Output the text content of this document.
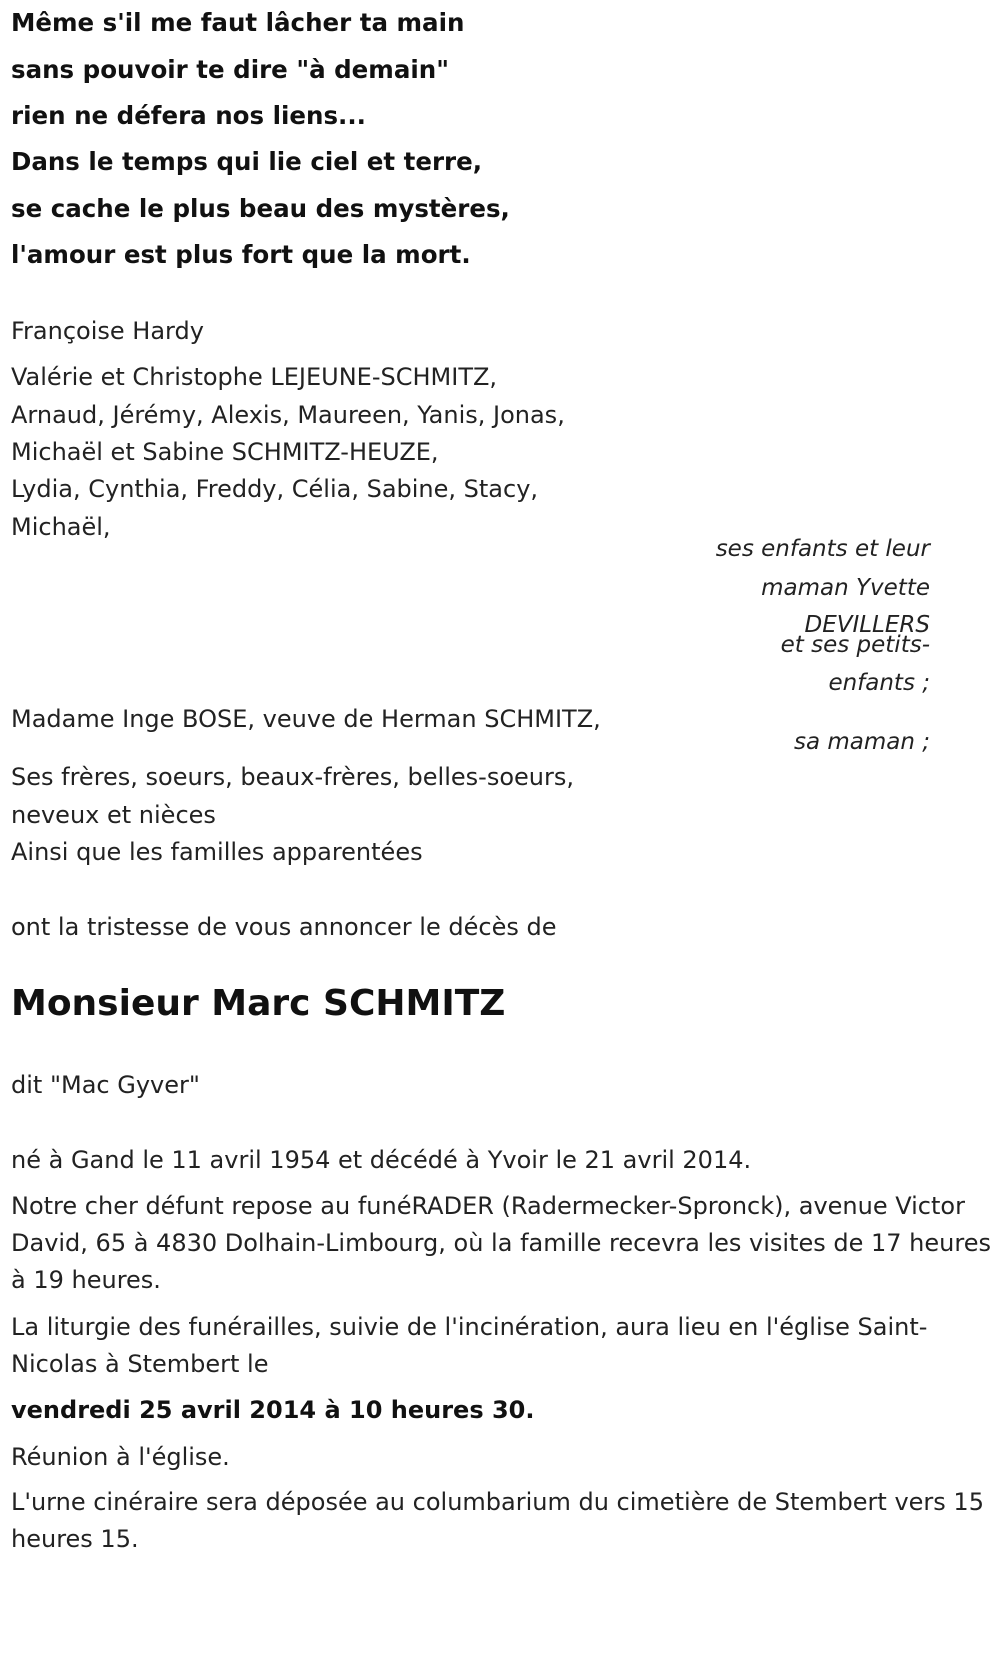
Même s'il me faut lâcher ta main

sans pouvoir te dire "à demain"

rien ne défera nos liens...

Dans le temps qui lie ciel et terre,

se cache le plus beau des mystères,

l'amour est plus fort que la mort.

Françoise Hardy

Valérie et Christophe LEJEUNE-SCHMITZ,

Arnaud, Jérémy, Alexis, Maureen, Yanis, Jonas,

Michaël et Sabine SCHMITZ-HEUZE,

Lydia, Cynthia, Freddy, Célia, Sabine, Stacy,

Michaël,

ses enfants et leur

maman Yvette

DEVILLERS

et ses petits-

enfants ;

Madame Inge BOSE, veuve de Herman SCHMITZ,

sa maman ;

Ses frères, soeurs, beaux-frères, belles-soeurs,

neveux et nièces

Ainsi que les familles apparentées

ont la tristesse de vous annoncer le décès de

Monsieur Marc SCHMITZ

dit "Mac Gyver"

né à Gand le 11 avril 1954 et décédé à Yvoir le 21 avril 2014.

Notre cher défunt repose au funéRADER (Radermecker-Spronck), avenue Victor David, 65 à 4830 Dolhain-Limbourg, où la famille recevra les visites de 17 heures à 19 heures.

La liturgie des funérailles, suivie de l'incinération, aura lieu en l'église Saint-Nicolas à Stembert le

vendredi 25 avril 2014 à 10 heures 30.

Réunion à l'église.

L'urne cinéraire sera déposée au columbarium du cimetière de Stembert vers 15 heures 15.
